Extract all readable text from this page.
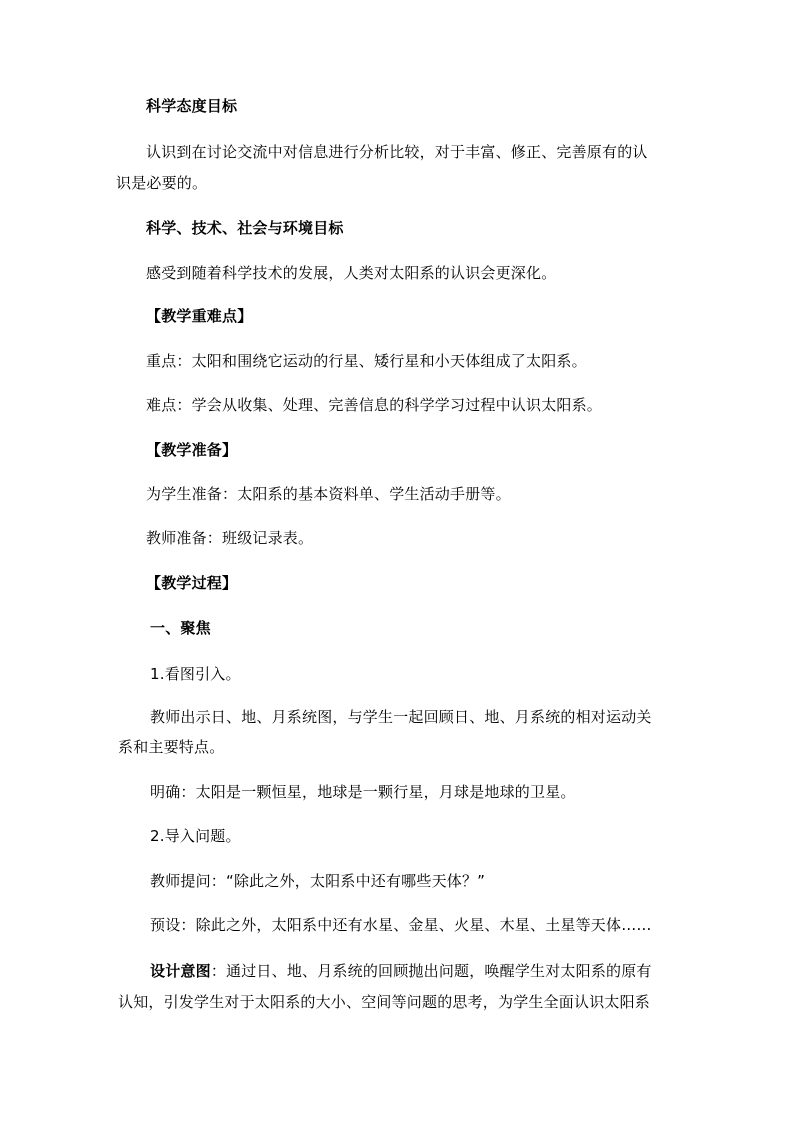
科学态度目标
认识到在讨论交流中对信息进行分析比较，对于丰富、修正、完善原有的认
识是必要的。
科学、技术、社会与环境目标
感受到随着科学技术的发展，人类对太阳系的认识会更深化。
【教学重难点】
重点：太阳和围绕它运动的行星、矮行星和小天体组成了太阳系。
难点：学会从收集、处理、完善信息的科学学习过程中认识太阳系。
【教学准备】
为学生准备：太阳系的基本资料单、学生活动手册等。
教师准备：班级记录表。
【教学过程】
一、聚焦
1.看图引入。
教师出示日、地、月系统图，与学生一起回顾日、地、月系统的相对运动关
系和主要特点。
明确：太阳是一颗恒星，地球是一颗行星，月球是地球的卫星。
2.导入问题。
教师提问：“除此之外，太阳系中还有哪些天体？”
预设：除此之外，太阳系中还有水星、金星、火星、木星、土星等天体……
设计意图：通过日、地、月系统的回顾抛出问题，唤醒学生对太阳系的原有
认知，引发学生对于太阳系的大小、空间等问题的思考，为学生全面认识太阳系
